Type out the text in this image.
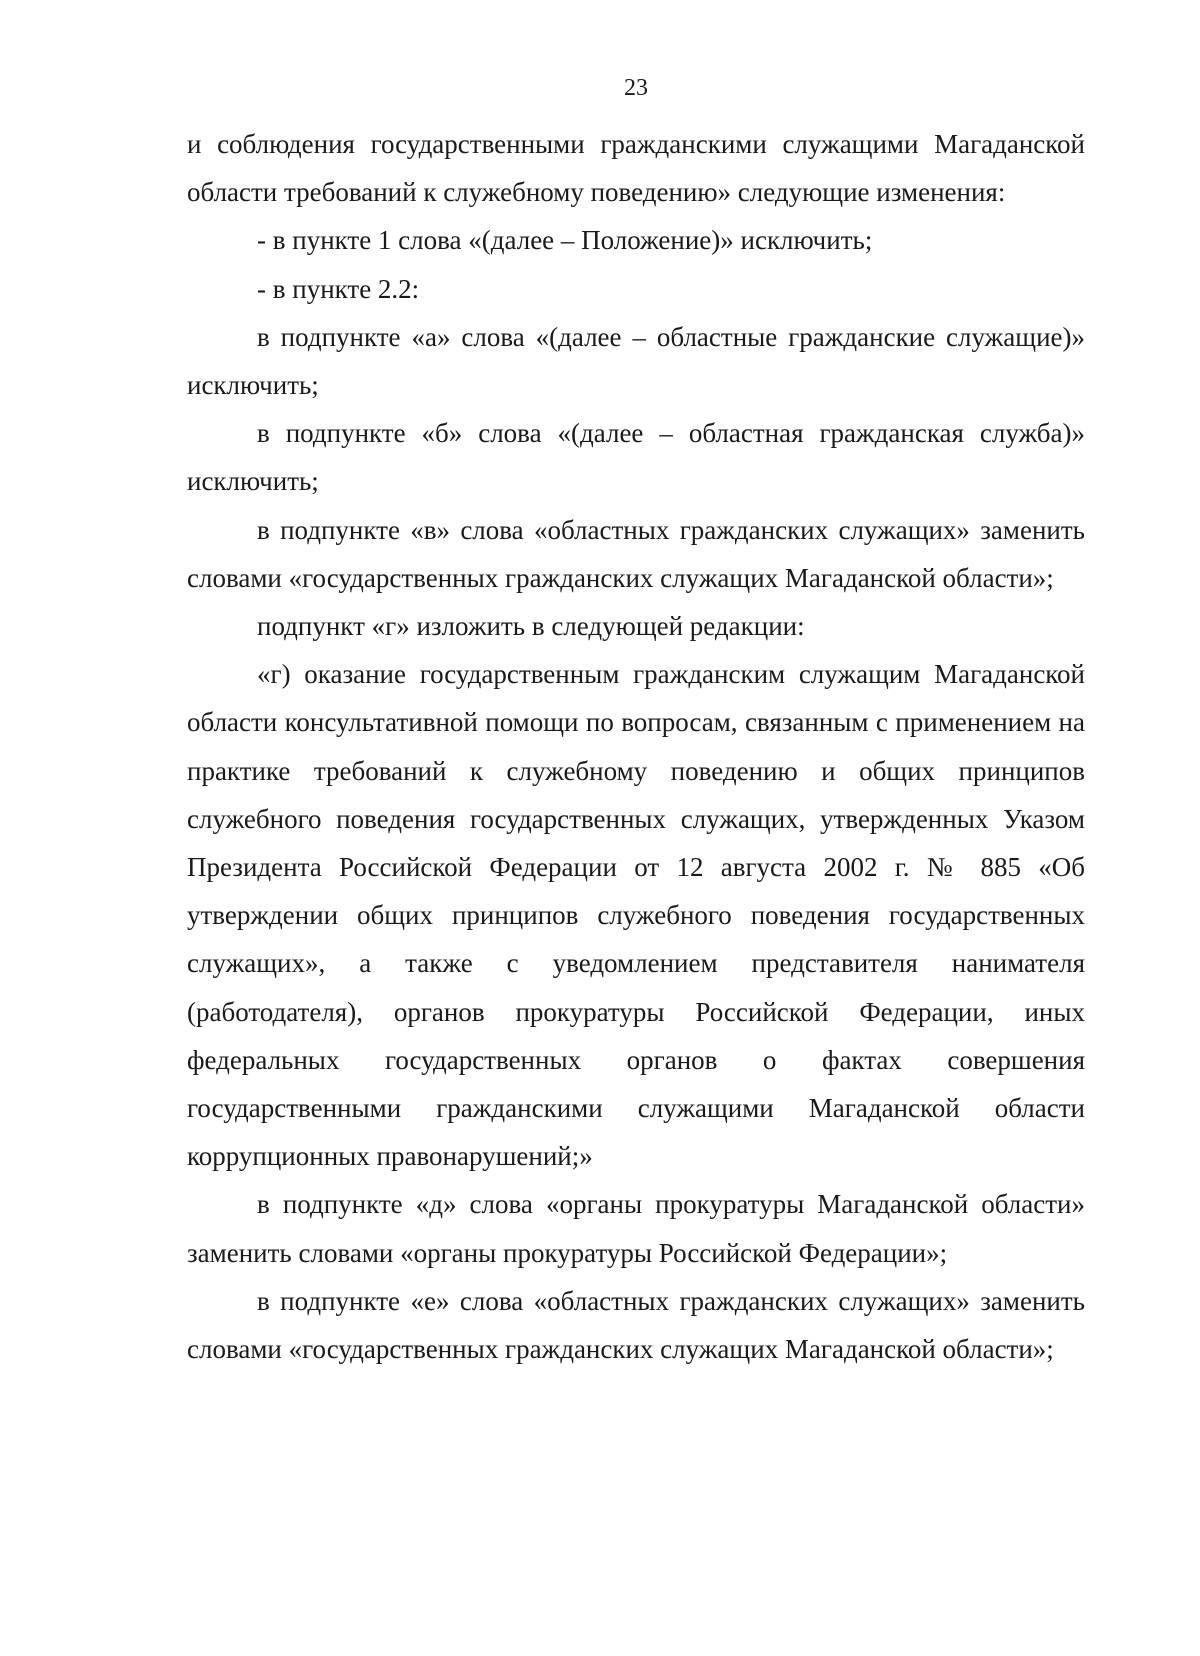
23

и соблюдения государственными гражданскими служащими Магаданской области требований к служебному поведению» следующие изменения:

- в пункте 1 слова «(далее – Положение)» исключить;

- в пункте 2.2:

в подпункте «а» слова «(далее – областные гражданские служащие)» исключить;

в подпункте «б» слова «(далее – областная гражданская служба)» исключить;

в подпункте «в» слова «областных гражданских служащих» заменить словами «государственных гражданских служащих Магаданской области»;

подпункт «г» изложить в следующей редакции:

«г) оказание государственным гражданским служащим Магаданской области консультативной помощи по вопросам, связанным с применением на практике требований к служебному поведению и общих принципов служебного поведения государственных служащих, утвержденных Указом Президента Российской Федерации от 12 августа 2002 г. № 885 «Об утверждении общих принципов служебного поведения государственных служащих», а также с уведомлением представителя нанимателя (работодателя), органов прокуратуры Российской Федерации, иных федеральных государственных органов о фактах совершения государственными гражданскими служащими Магаданской области коррупционных правонарушений;»

в подпункте «д» слова «органы прокуратуры Магаданской области» заменить словами «органы прокуратуры Российской Федерации»;

в подпункте «е» слова «областных гражданских служащих» заменить словами «государственных гражданских служащих Магаданской области»;
